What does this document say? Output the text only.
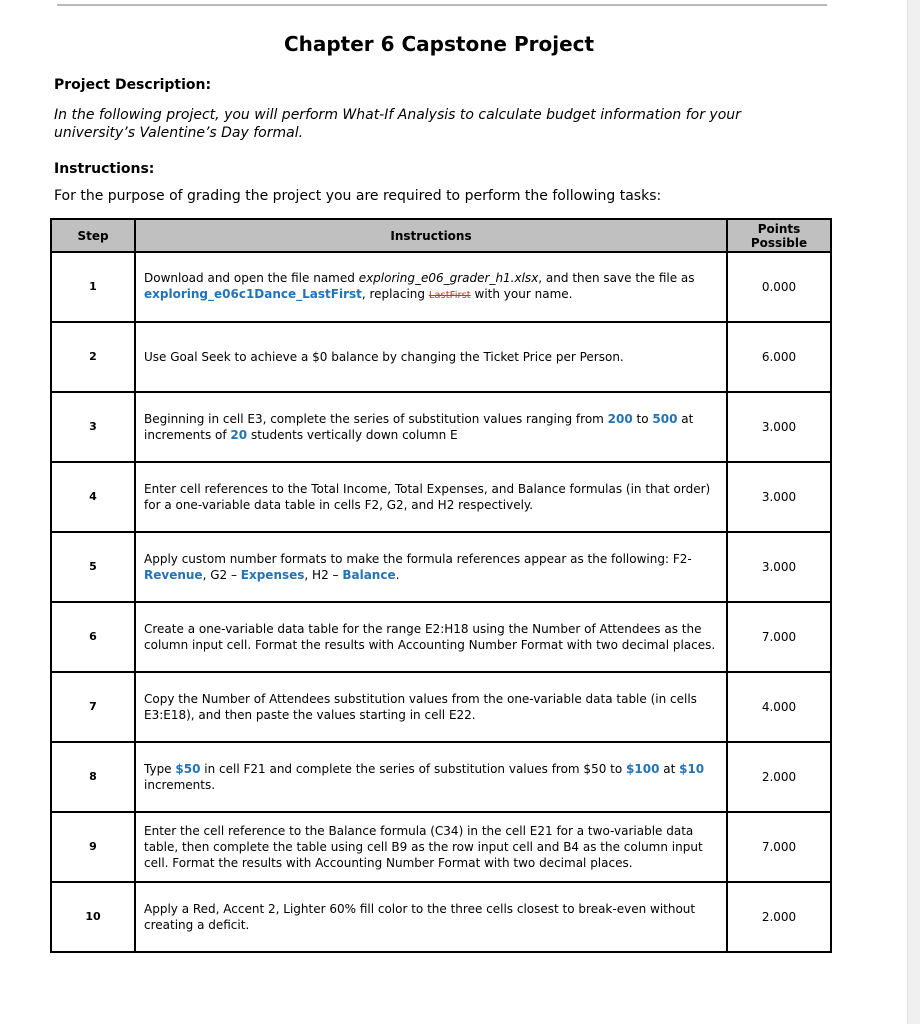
Chapter 6 Capstone Project
Project Description:
In the following project, you will perform What-If Analysis to calculate budget information for your university’s Valentine’s Day formal.
Instructions:
For the purpose of grading the project you are required to perform the following tasks:
Step	Instructions	Points Possible
1	Download and open the file named exploring_e06_grader_h1.xlsx, and then save the file as exploring_e06c1Dance_LastFirst, replacing LastFirst with your name.	0.000
2	Use Goal Seek to achieve a $0 balance by changing the Ticket Price per Person.	6.000
3	Beginning in cell E3, complete the series of substitution values ranging from 200 to 500 at increments of 20 students vertically down column E	3.000
4	Enter cell references to the Total Income, Total Expenses, and Balance formulas (in that order) for a one-variable data table in cells F2, G2, and H2 respectively.	3.000
5	Apply custom number formats to make the formula references appear as the following: F2- Revenue, G2 – Expenses, H2 – Balance.	3.000
6	Create a one-variable data table for the range E2:H18 using the Number of Attendees as the column input cell. Format the results with Accounting Number Format with two decimal places.	7.000
7	Copy the Number of Attendees substitution values from the one-variable data table (in cells E3:E18), and then paste the values starting in cell E22.	4.000
8	Type $50 in cell F21 and complete the series of substitution values from $50 to $100 at $10 increments.	2.000
9	Enter the cell reference to the Balance formula (C34) in the cell E21 for a two-variable data table, then complete the table using cell B9 as the row input cell and B4 as the column input cell. Format the results with Accounting Number Format with two decimal places.	7.000
10	Apply a Red, Accent 2, Lighter 60% fill color to the three cells closest to break-even without creating a deficit.	2.000
